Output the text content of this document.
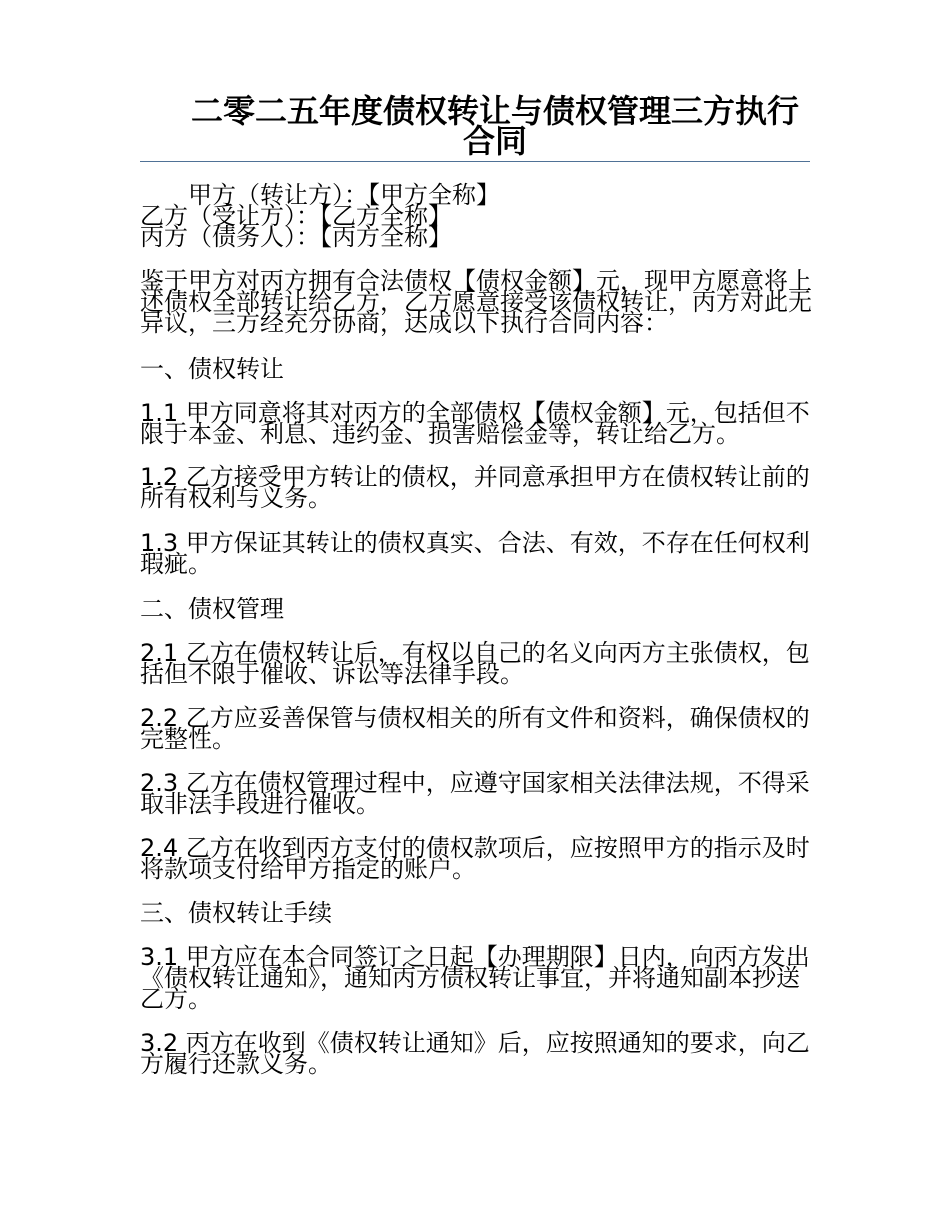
二零二五年度债权转让与债权管理三方执行合同

甲方（转让方）：【甲方全称】

乙方（受让方）：【乙方全称】
丙方（债务人）：【丙方全称】

鉴于甲方对丙方拥有合法债权【债权金额】元，现甲方愿意将上述债权全部转让给乙方，乙方愿意接受该债权转让，丙方对此无异议，三方经充分协商，达成以下执行合同内容：

一、债权转让

1.1 甲方同意将其对丙方的全部债权【债权金额】元，包括但不限于本金、利息、违约金、损害赔偿金等，转让给乙方。

1.2 乙方接受甲方转让的债权，并同意承担甲方在债权转让前的所有权利与义务。

1.3 甲方保证其转让的债权真实、合法、有效，不存在任何权利瑕疵。

二、债权管理

2.1 乙方在债权转让后，有权以自己的名义向丙方主张债权，包括但不限于催收、诉讼等法律手段。

2.2 乙方应妥善保管与债权相关的所有文件和资料，确保债权的完整性。

2.3 乙方在债权管理过程中，应遵守国家相关法律法规，不得采取非法手段进行催收。

2.4 乙方在收到丙方支付的债权款项后，应按照甲方的指示及时将款项支付给甲方指定的账户。

三、债权转让手续

3.1 甲方应在本合同签订之日起【办理期限】日内，向丙方发出《债权转让通知》，通知丙方债权转让事宜，并将通知副本抄送乙方。

3.2 丙方在收到《债权转让通知》后，应按照通知的要求，向乙方履行还款义务。
